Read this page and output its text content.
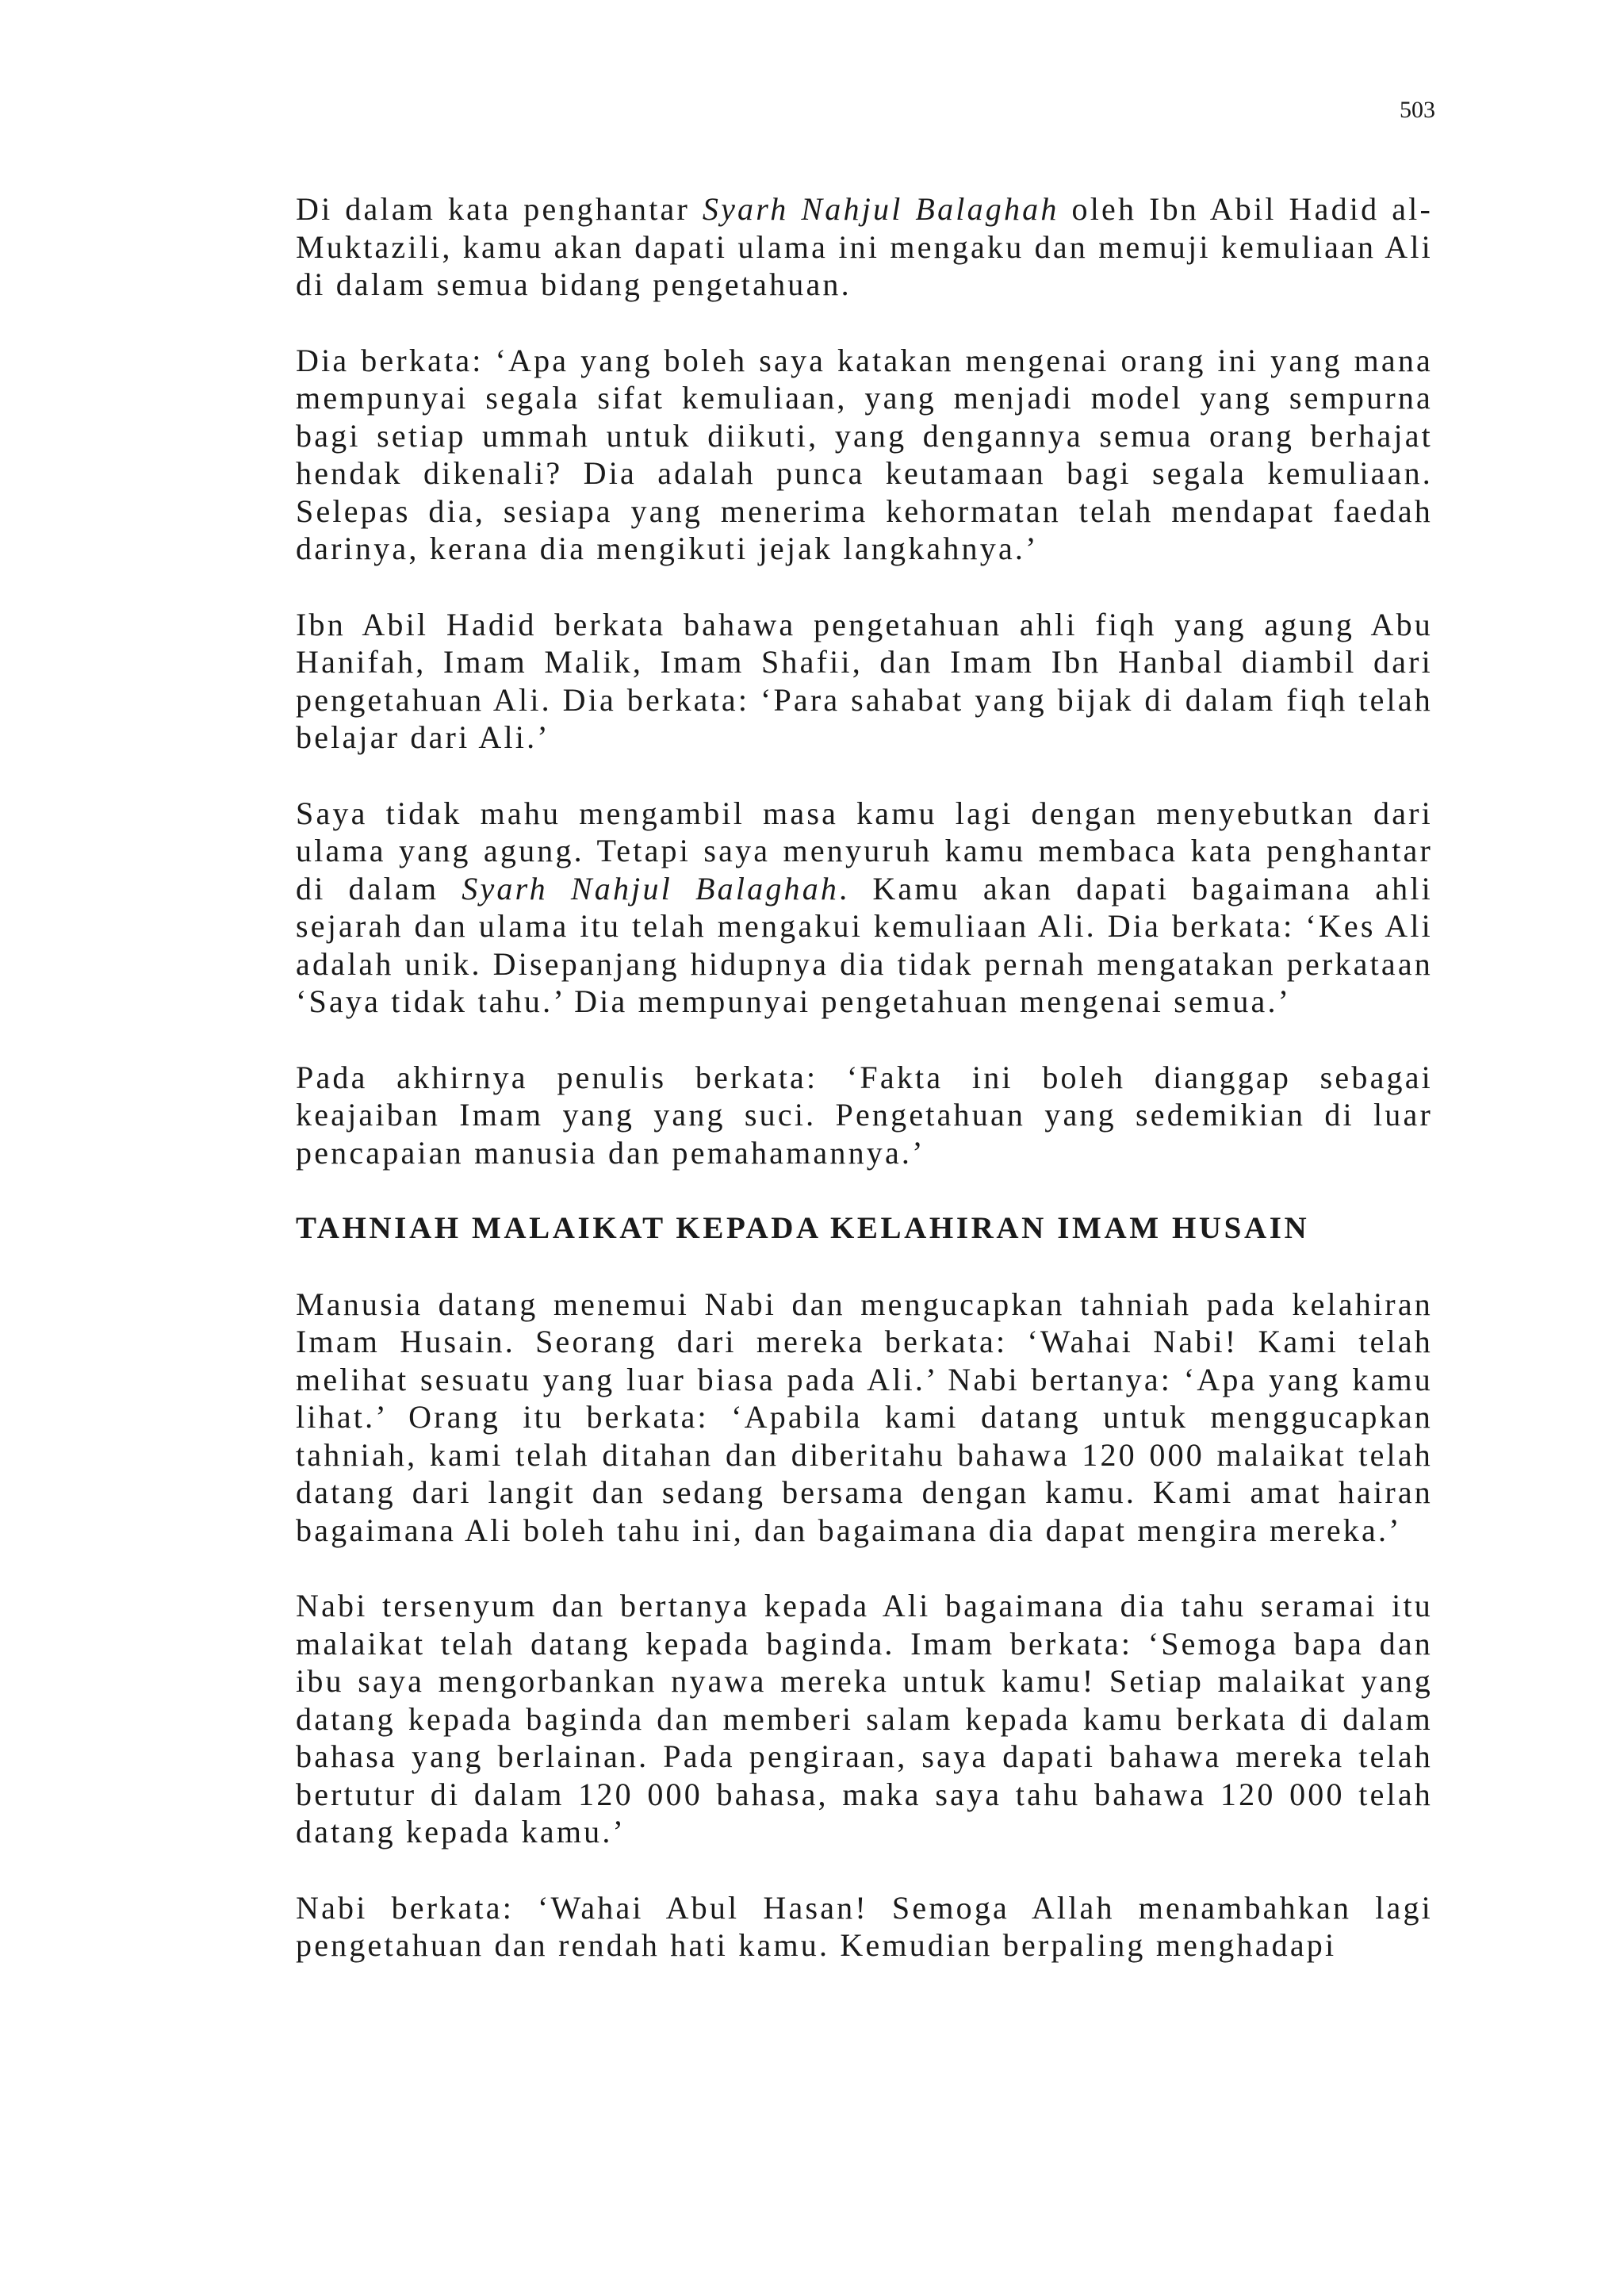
503

Di dalam kata penghantar Syarh Nahjul Balaghah oleh Ibn Abil Hadid al-Muktazili, kamu akan dapati ulama ini mengaku dan memuji kemuliaan Ali di dalam semua bidang pengetahuan.

Dia berkata: ‘Apa yang boleh saya katakan mengenai orang ini yang mana mempunyai segala sifat kemuliaan, yang menjadi model yang sempurna bagi setiap ummah untuk diikuti, yang dengannya semua orang berhajat hendak dikenali? Dia adalah punca keutamaan bagi segala kemuliaan. Selepas dia, sesiapa yang menerima kehormatan telah mendapat faedah darinya, kerana dia mengikuti jejak langkahnya.’

Ibn Abil Hadid berkata bahawa pengetahuan ahli fiqh yang agung Abu Hanifah, Imam Malik, Imam Shafii, dan Imam Ibn Hanbal diambil dari pengetahuan Ali. Dia berkata: ‘Para sahabat yang bijak di dalam fiqh telah belajar dari Ali.’

Saya tidak mahu mengambil masa kamu lagi dengan menyebutkan dari ulama yang agung. Tetapi saya menyuruh kamu membaca kata penghantar di dalam Syarh Nahjul Balaghah. Kamu akan dapati bagaimana ahli sejarah dan ulama itu telah mengakui kemuliaan Ali. Dia berkata: ‘Kes Ali adalah unik. Disepanjang hidupnya dia tidak pernah mengatakan perkataan ‘Saya tidak tahu.’ Dia mempunyai pengetahuan mengenai semua.’

Pada akhirnya penulis berkata: ‘Fakta ini boleh dianggap sebagai keajaiban Imam yang yang suci. Pengetahuan yang sedemikian di luar pencapaian manusia dan pemahamannya.’

TAHNIAH MALAIKAT KEPADA KELAHIRAN IMAM HUSAIN

Manusia datang menemui Nabi dan mengucapkan tahniah pada kelahiran Imam Husain. Seorang dari mereka berkata: ‘Wahai Nabi! Kami telah melihat sesuatu yang luar biasa pada Ali.’ Nabi bertanya: ‘Apa yang kamu lihat.’ Orang itu berkata: ‘Apabila kami datang untuk menggucapkan tahniah, kami telah ditahan dan diberitahu bahawa 120 000 malaikat telah datang dari langit dan sedang bersama dengan kamu. Kami amat hairan bagaimana Ali boleh tahu ini, dan bagaimana dia dapat mengira mereka.’

Nabi tersenyum dan bertanya kepada Ali bagaimana dia tahu seramai itu malaikat telah datang kepada baginda. Imam berkata: ‘Semoga bapa dan ibu saya mengorbankan nyawa mereka untuk kamu! Setiap malaikat yang datang kepada baginda dan memberi salam kepada kamu berkata di dalam bahasa yang berlainan. Pada pengiraan, saya dapati bahawa mereka telah bertutur di dalam 120 000 bahasa, maka saya tahu bahawa 120 000 telah datang kepada kamu.’

Nabi berkata: ‘Wahai Abul Hasan! Semoga Allah menambahkan lagi pengetahuan dan rendah hati kamu. Kemudian berpaling menghadapi
